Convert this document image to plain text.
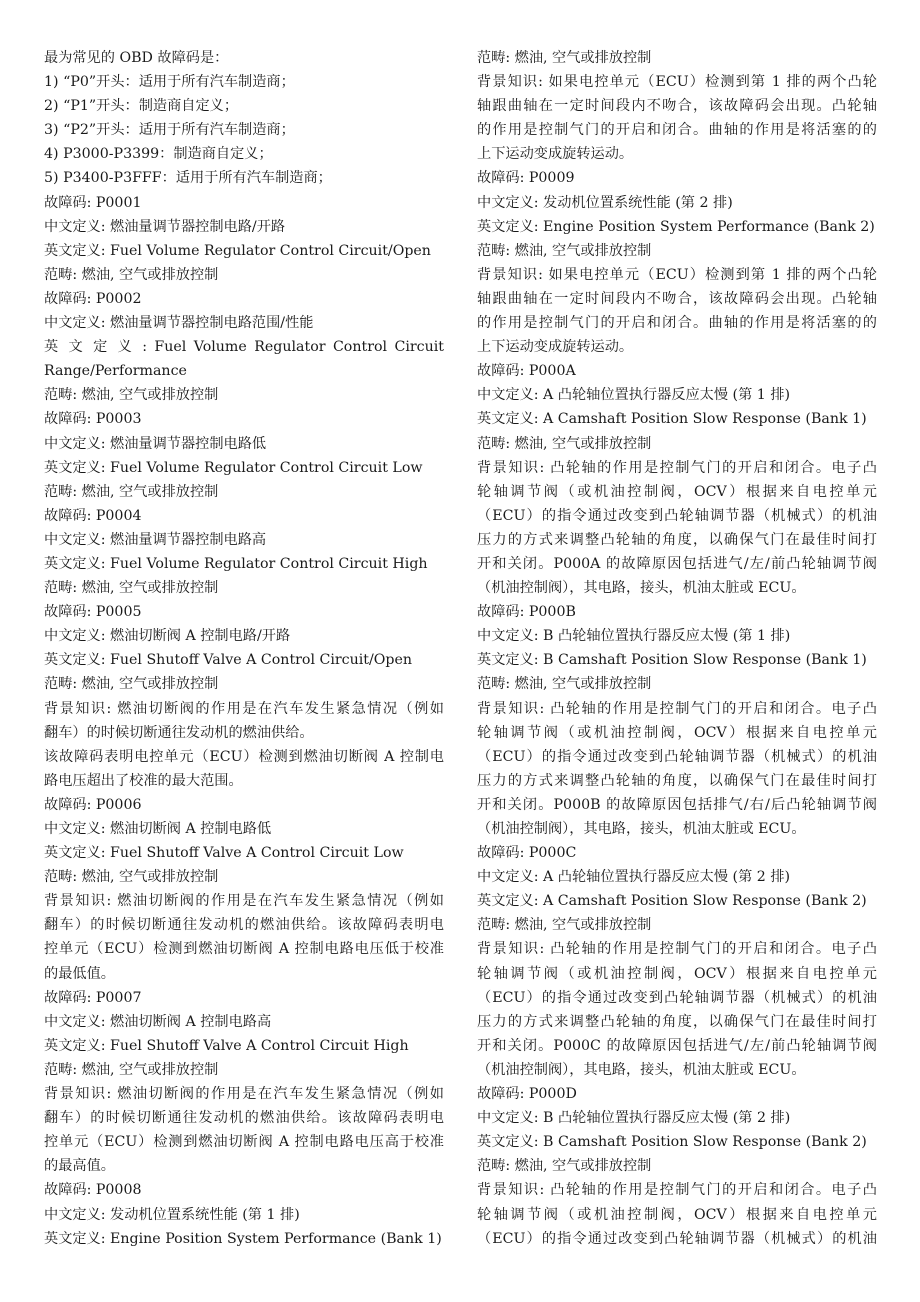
最为常见的 OBD 故障码是：
1) “P0”开头：适用于所有汽车制造商；
2) “P1”开头：制造商自定义；
3) “P2”开头：适用于所有汽车制造商；
4) P3000-P3399：制造商自定义；
5) P3400-P3FFF：适用于所有汽车制造商；
故障码: P0001
中文定义: 燃油量调节器控制电路/开路
英文定义: Fuel Volume Regulator Control Circuit/Open
范畴: 燃油, 空气或排放控制
故障码: P0002
中文定义: 燃油量调节器控制电路范围/性能
英 文 定 义 : Fuel Volume Regulator Control Circuit
Range/Performance
范畴: 燃油, 空气或排放控制
故障码: P0003
中文定义: 燃油量调节器控制电路低
英文定义: Fuel Volume Regulator Control Circuit Low
范畴: 燃油, 空气或排放控制
故障码: P0004
中文定义: 燃油量调节器控制电路高
英文定义: Fuel Volume Regulator Control Circuit High
范畴: 燃油, 空气或排放控制
故障码: P0005
中文定义: 燃油切断阀 A 控制电路/开路
英文定义: Fuel Shutoff Valve A Control Circuit/Open
范畴: 燃油, 空气或排放控制
背景知识: 燃油切断阀的作用是在汽车发生紧急情况（例如
翻车）的时候切断通往发动机的燃油供给。
该故障码表明电控单元（ECU）检测到燃油切断阀 A 控制电
路电压超出了校准的最大范围。
故障码: P0006
中文定义: 燃油切断阀 A 控制电路低
英文定义: Fuel Shutoff Valve A Control Circuit Low
范畴: 燃油, 空气或排放控制
背景知识: 燃油切断阀的作用是在汽车发生紧急情况（例如
翻车）的时候切断通往发动机的燃油供给。该故障码表明电
控单元（ECU）检测到燃油切断阀 A 控制电路电压低于校准
的最低值。
故障码: P0007
中文定义: 燃油切断阀 A 控制电路高
英文定义: Fuel Shutoff Valve A Control Circuit High
范畴: 燃油, 空气或排放控制
背景知识: 燃油切断阀的作用是在汽车发生紧急情况（例如
翻车）的时候切断通往发动机的燃油供给。该故障码表明电
控单元（ECU）检测到燃油切断阀 A 控制电路电压高于校准
的最高值。
故障码: P0008
中文定义: 发动机位置系统性能 (第 1 排)
英文定义: Engine Position System Performance (Bank 1)
范畴: 燃油, 空气或排放控制
背景知识: 如果电控单元（ECU）检测到第 1 排的两个凸轮
轴跟曲轴在一定时间段内不吻合，该故障码会出现。凸轮轴
的作用是控制气门的开启和闭合。曲轴的作用是将活塞的的
上下运动变成旋转运动。
故障码: P0009
中文定义: 发动机位置系统性能 (第 2 排)
英文定义: Engine Position System Performance (Bank 2)
范畴: 燃油, 空气或排放控制
背景知识: 如果电控单元（ECU）检测到第 1 排的两个凸轮
轴跟曲轴在一定时间段内不吻合，该故障码会出现。凸轮轴
的作用是控制气门的开启和闭合。曲轴的作用是将活塞的的
上下运动变成旋转运动。
故障码: P000A
中文定义: A 凸轮轴位置执行器反应太慢 (第 1 排)
英文定义: A Camshaft Position Slow Response (Bank 1)
范畴: 燃油, 空气或排放控制
背景知识: 凸轮轴的作用是控制气门的开启和闭合。电子凸
轮轴调节阀（或机油控制阀，OCV）根据来自电控单元
（ECU）的指令通过改变到凸轮轴调节器（机械式）的机油
压力的方式来调整凸轮轴的角度，以确保气门在最佳时间打
开和关闭。P000A 的故障原因包括进气/左/前凸轮轴调节阀
（机油控制阀），其电路，接头，机油太脏或 ECU。
故障码: P000B
中文定义: B 凸轮轴位置执行器反应太慢 (第 1 排)
英文定义: B Camshaft Position Slow Response (Bank 1)
范畴: 燃油, 空气或排放控制
背景知识: 凸轮轴的作用是控制气门的开启和闭合。电子凸
轮轴调节阀（或机油控制阀，OCV）根据来自电控单元
（ECU）的指令通过改变到凸轮轴调节器（机械式）的机油
压力的方式来调整凸轮轴的角度，以确保气门在最佳时间打
开和关闭。P000B 的故障原因包括排气/右/后凸轮轴调节阀
（机油控制阀），其电路，接头，机油太脏或 ECU。
故障码: P000C
中文定义: A 凸轮轴位置执行器反应太慢 (第 2 排)
英文定义: A Camshaft Position Slow Response (Bank 2)
范畴: 燃油, 空气或排放控制
背景知识: 凸轮轴的作用是控制气门的开启和闭合。电子凸
轮轴调节阀（或机油控制阀，OCV）根据来自电控单元
（ECU）的指令通过改变到凸轮轴调节器（机械式）的机油
压力的方式来调整凸轮轴的角度，以确保气门在最佳时间打
开和关闭。P000C 的故障原因包括进气/左/前凸轮轴调节阀
（机油控制阀），其电路，接头，机油太脏或 ECU。
故障码: P000D
中文定义: B 凸轮轴位置执行器反应太慢 (第 2 排)
英文定义: B Camshaft Position Slow Response (Bank 2)
范畴: 燃油, 空气或排放控制
背景知识: 凸轮轴的作用是控制气门的开启和闭合。电子凸
轮轴调节阀（或机油控制阀，OCV）根据来自电控单元
（ECU）的指令通过改变到凸轮轴调节器（机械式）的机油
